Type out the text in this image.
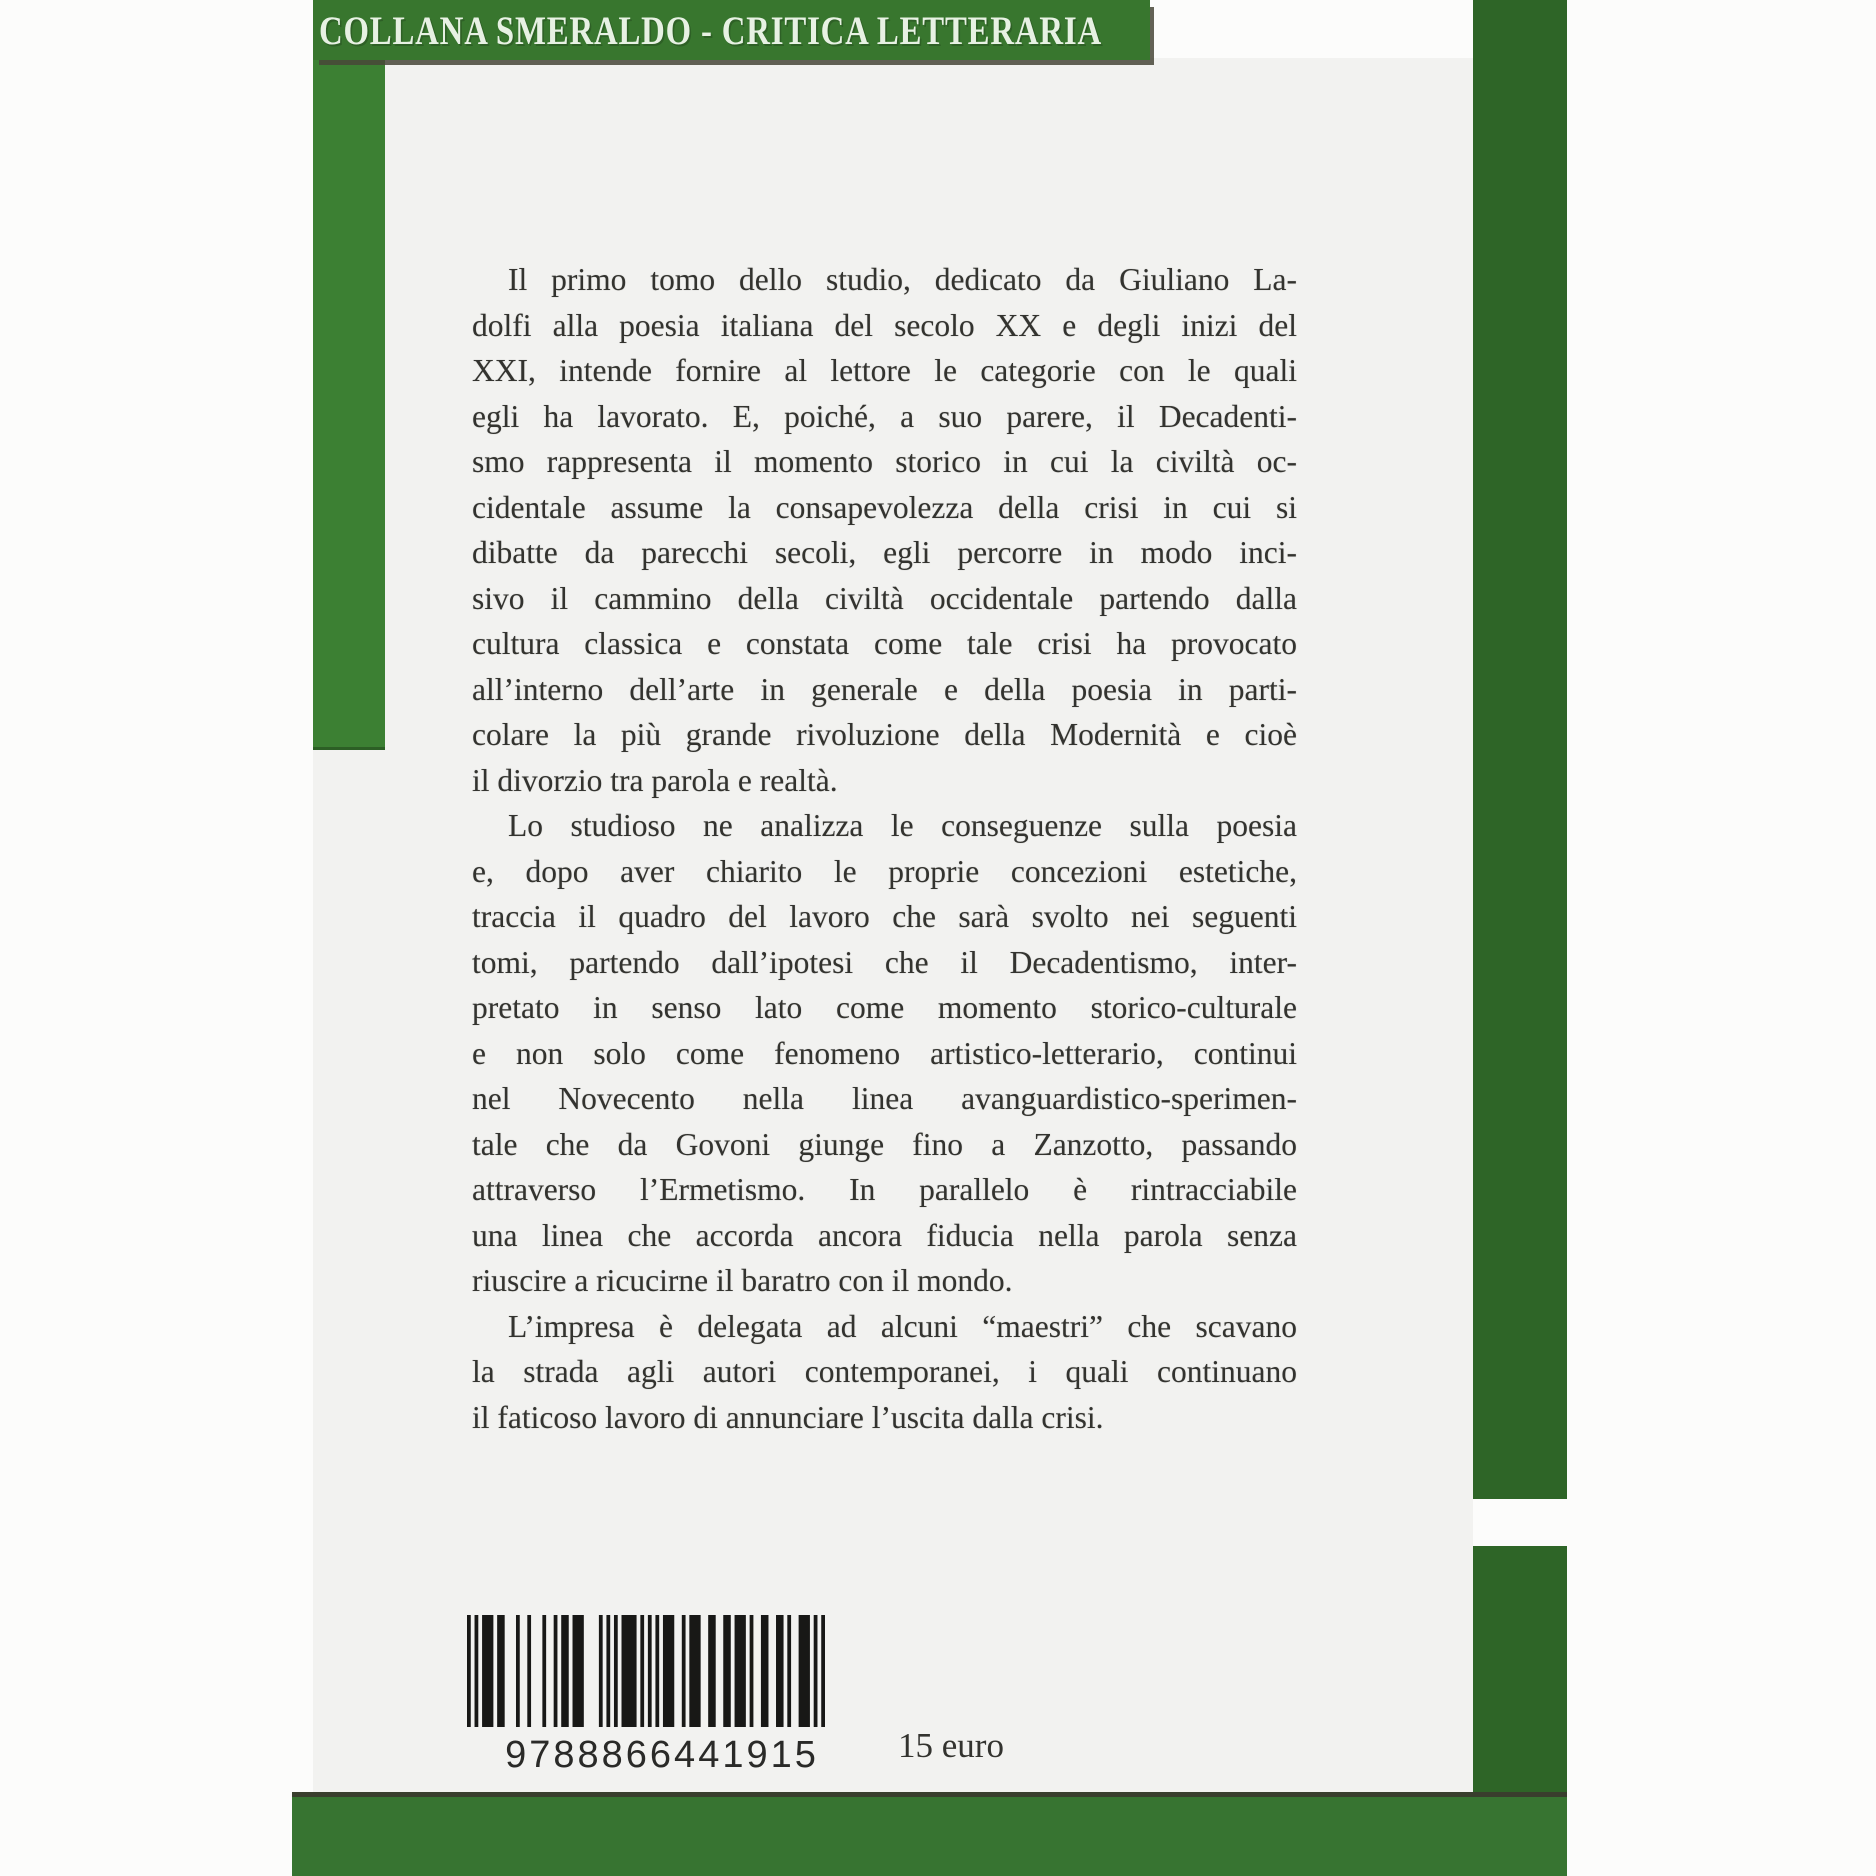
COLLANA SMERALDO - CRITICA LETTERARIA
Il primo tomo dello studio, dedicato da Giuliano La-
dolfi alla poesia italiana del secolo XX e degli inizi del
XXI, intende fornire al lettore le categorie con le quali
egli ha lavorato. E, poiché, a suo parere, il Decadenti-
smo rappresenta il momento storico in cui la civiltà oc-
cidentale assume la consapevolezza della crisi in cui si
dibatte da parecchi secoli, egli percorre in modo inci-
sivo il cammino della civiltà occidentale partendo dalla
cultura classica e constata come tale crisi ha provocato
all’interno dell’arte in generale e della poesia in parti-
colare la più grande rivoluzione della Modernità e cioè
il divorzio tra parola e realtà.
Lo studioso ne analizza le conseguenze sulla poesia
e, dopo aver chiarito le proprie concezioni estetiche,
traccia il quadro del lavoro che sarà svolto nei seguenti
tomi, partendo dall’ipotesi che il Decadentismo, inter-
pretato in senso lato come momento storico-culturale
e non solo come fenomeno artistico-letterario, continui
nel Novecento nella linea avanguardistico-sperimen-
tale che da Govoni giunge fino a Zanzotto, passando
attraverso l’Ermetismo. In parallelo è rintracciabile
una linea che accorda ancora fiducia nella parola senza
riuscire a ricucirne il baratro con il mondo.
L’impresa è delegata ad alcuni “maestri” che scavano
la strada agli autori contemporanei, i quali continuano
il faticoso lavoro di annunciare l’uscita dalla crisi.
9788866441915	15 euro
